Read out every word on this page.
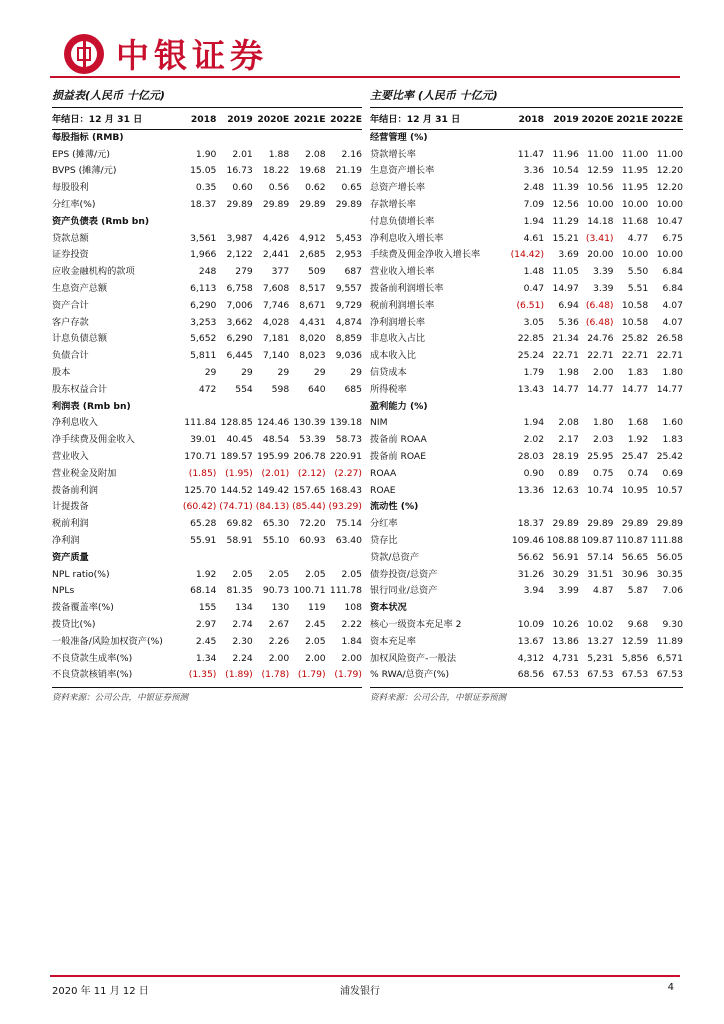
中银证券
损益表(人民币 十亿元)
年结日：12 月 31 日	2018	2019	2020E	2021E	2022E
每股指标 (RMB)					
EPS (摊薄/元)	1.90	2.01	1.88	2.08	2.16
BVPS (摊薄/元)	15.05	16.73	18.22	19.68	21.19
每股股利	0.35	0.60	0.56	0.62	0.65
分红率(%)	18.37	29.89	29.89	29.89	29.89
资产负债表 (Rmb bn)					
贷款总额	3,561	3,987	4,426	4,912	5,453
证券投资	1,966	2,122	2,441	2,685	2,953
应收金融机构的款项	248	279	377	509	687
生息资产总额	6,113	6,758	7,608	8,517	9,557
资产合计	6,290	7,006	7,746	8,671	9,729
客户存款	3,253	3,662	4,028	4,431	4,874
计息负债总额	5,652	6,290	7,181	8,020	8,859
负债合计	5,811	6,445	7,140	8,023	9,036
股本	29	29	29	29	29
股东权益合计	472	554	598	640	685
利润表 (Rmb bn)					
净利息收入	111.84	128.85	124.46	130.39	139.18
净手续费及佣金收入	39.01	40.45	48.54	53.39	58.73
营业收入	170.71	189.57	195.99	206.78	220.91
营业税金及附加	(1.85)	(1.95)	(2.01)	(2.12)	(2.27)
拨备前利润	125.70	144.52	149.42	157.65	168.43
计提拨备	(60.42)	(74.71)	(84.13)	(85.44)	(93.29)
税前利润	65.28	69.82	65.30	72.20	75.14
净利润	55.91	58.91	55.10	60.93	63.40
资产质量					
NPL ratio(%)	1.92	2.05	2.05	2.05	2.05
NPLs	68.14	81.35	90.73	100.71	111.78
拨备覆盖率(%)	155	134	130	119	108
拨贷比(%)	2.97	2.74	2.67	2.45	2.22
一般准备/风险加权资产(%)	2.45	2.30	2.26	2.05	1.84
不良贷款生成率(%)	1.34	2.24	2.00	2.00	2.00
不良贷款核销率(%)	(1.35)	(1.89)	(1.78)	(1.79)	(1.79)
资料来源：公司公告，中银证券预测
主要比率 (人民币 十亿元)
年结日：12 月 31 日	2018	2019	2020E	2021E	2022E
经营管理 (%)					
贷款增长率	11.47	11.96	11.00	11.00	11.00
生息资产增长率	3.36	10.54	12.59	11.95	12.20
总资产增长率	2.48	11.39	10.56	11.95	12.20
存款增长率	7.09	12.56	10.00	10.00	10.00
付息负债增长率	1.94	11.29	14.18	11.68	10.47
净利息收入增长率	4.61	15.21	(3.41)	4.77	6.75
手续费及佣金净收入增长率	(14.42)	3.69	20.00	10.00	10.00
营业收入增长率	1.48	11.05	3.39	5.50	6.84
拨备前利润增长率	0.47	14.97	3.39	5.51	6.84
税前利润增长率	(6.51)	6.94	(6.48)	10.58	4.07
净利润增长率	3.05	5.36	(6.48)	10.58	4.07
非息收入占比	22.85	21.34	24.76	25.82	26.58
成本收入比	25.24	22.71	22.71	22.71	22.71
信贷成本	1.79	1.98	2.00	1.83	1.80
所得税率	13.43	14.77	14.77	14.77	14.77
盈利能力 (%)					
NIM	1.94	2.08	1.80	1.68	1.60
拨备前 ROAA	2.02	2.17	2.03	1.92	1.83
拨备前 ROAE	28.03	28.19	25.95	25.47	25.42
ROAA	0.90	0.89	0.75	0.74	0.69
ROAE	13.36	12.63	10.74	10.95	10.57
流动性 (%)					
分红率	18.37	29.89	29.89	29.89	29.89
贷存比	109.46	108.88	109.87	110.87	111.88
贷款/总资产	56.62	56.91	57.14	56.65	56.05
债券投资/总资产	31.26	30.29	31.51	30.96	30.35
银行同业/总资产	3.94	3.99	4.87	5.87	7.06
资本状况					
核心一级资本充足率 2	10.09	10.26	10.02	9.68	9.30
资本充足率	13.67	13.86	13.27	12.59	11.89
加权风险资产-一般法	4,312	4,731	5,231	5,856	6,571
% RWA/总资产(%)	68.56	67.53	67.53	67.53	67.53
资料来源：公司公告，中银证券预测
2020 年 11 月 12 日	浦发银行	4
